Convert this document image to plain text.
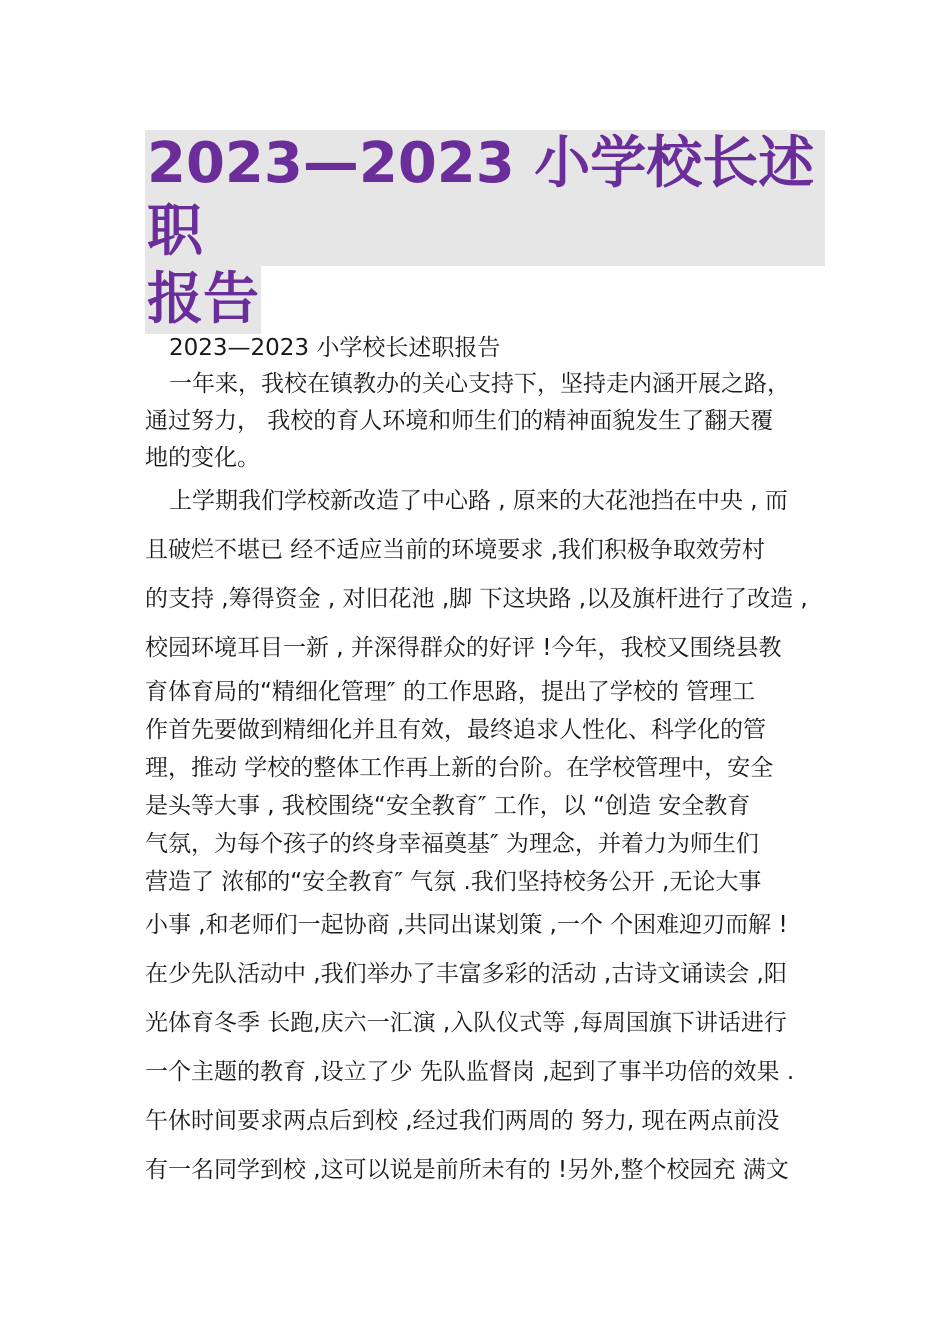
2023—2023 小学校长述职
报告

2023—2023 小学校长述职报告

一年来，我校在镇教办的关心支持下，坚持走内涵开展之路，
通过努力， 我校的育人环境和师生们的精神面貌发生了翻天覆
地的变化。
上学期我们学校新改造了中心路 , 原来的大花池挡在中央 , 而
且破烂不堪已 经不适应当前的环境要求 ,我们积极争取效劳村
的支持 ,筹得资金 , 对旧花池 ,脚 下这块路 ,以及旗杆进行了改造 ,
校园环境耳目一新 , 并深得群众的好评 !今年，我校又围绕县教
育体育局的“精细化管理″ 的工作思路，提出了学校的 管理工
作首先要做到精细化并且有效，最终追求人性化、科学化的管
理，推动 学校的整体工作再上新的台阶。在学校管理中，安全
是头等大事 , 我校围绕“安全教育″ 工作，以 “创造 安全教育
气氛，为每个孩子的终身幸福奠基″ 为理念，并着力为师生们
营造了 浓郁的“安全教育″ 气氛 .我们坚持校务公开 ,无论大事
小事 ,和老师们一起协商 ,共同出谋划策 ,一个 个困难迎刃而解 !
在少先队活动中 ,我们举办了丰富多彩的活动 ,古诗文诵读会 ,阳
光体育冬季 长跑,庆六一汇演 ,入队仪式等 ,每周国旗下讲话进行
一个主题的教育 ,设立了少 先队监督岗 ,起到了事半功倍的效果 .
午休时间要求两点后到校 ,经过我们两周的 努力, 现在两点前没
有一名同学到校 ,这可以说是前所未有的 !另外,整个校园充 满文
